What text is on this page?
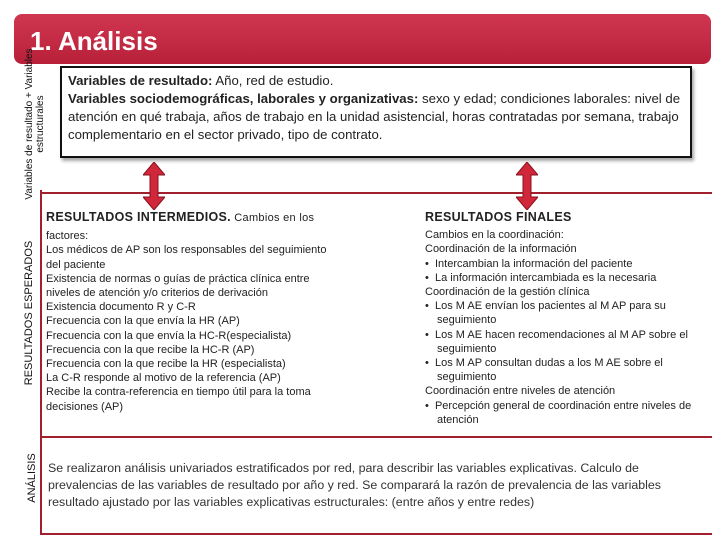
1. Análisis
Variables de resultado + Variables estructurales
RESULTADOS ESPERADOS
ANÁLISIS
Variables de resultado: Año, red de estudio.
Variables sociodemográficas, laborales y organizativas: sexo y edad; condiciones laborales: nivel de atención en qué trabaja, años de trabajo en la unidad asistencial, horas contratadas por semana, trabajo complementario en el sector privado, tipo de contrato.
RESULTADOS INTERMEDIOS. Cambios en los
factores:
Los médicos de AP son los responsables del seguimiento
del paciente
Existencia de normas o guías de práctica clínica entre
niveles de atención y/o criterios de derivación
Existencia documento R y C-R
Frecuencia con la que envía la HR (AP)
Frecuencia con la que envía la HC-R(especialista)
Frecuencia con la que recibe la HC-R (AP)
Frecuencia con la que recibe la HR (especialista)
La C-R responde al motivo de la referencia (AP)
Recibe la contra-referencia en tiempo útil para la toma
decisiones (AP)
RESULTADOS FINALES
Cambios en la coordinación:
Coordinación de la información
•  Intercambian la información del paciente
•  La información intercambiada es la necesaria
Coordinación de la gestión clínica
•  Los M AE envían los pacientes al M AP para su seguimiento
•  Los M AE hacen recomendaciones al M AP sobre el seguimiento
•  Los M AP consultan dudas a los M AE sobre el seguimiento
Coordinación entre niveles de atención
•  Percepción general de coordinación entre niveles de atención
Se realizaron análisis univariados estratificados por red, para describir las variables explicativas. Calculo de prevalencias de las variables de resultado por año y red. Se comparará la razón de prevalencia de las variables resultado ajustado por las variables explicativas estructurales: (entre años y entre redes)
